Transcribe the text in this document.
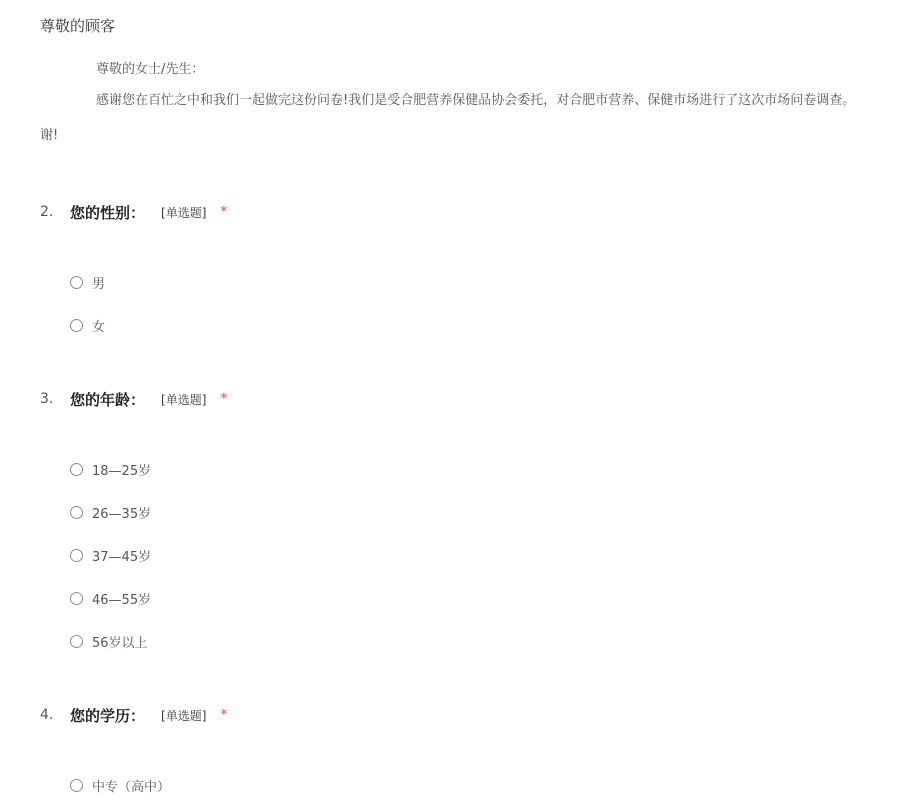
尊敬的顾客
尊敬的女士/先生：
感谢您在百忙之中和我们一起做完这份问卷!我们是受合肥营养保健品协会委托，对合肥市营养、保健市场进行了这次市场问卷调查。
谢!
2.	您的性别： [单选题] *
男
女
3.	您的年龄： [单选题] *
18—25岁
26—35岁
37—45岁
46—55岁
56岁以上
4.	您的学历： [单选题] *
中专（高中）
